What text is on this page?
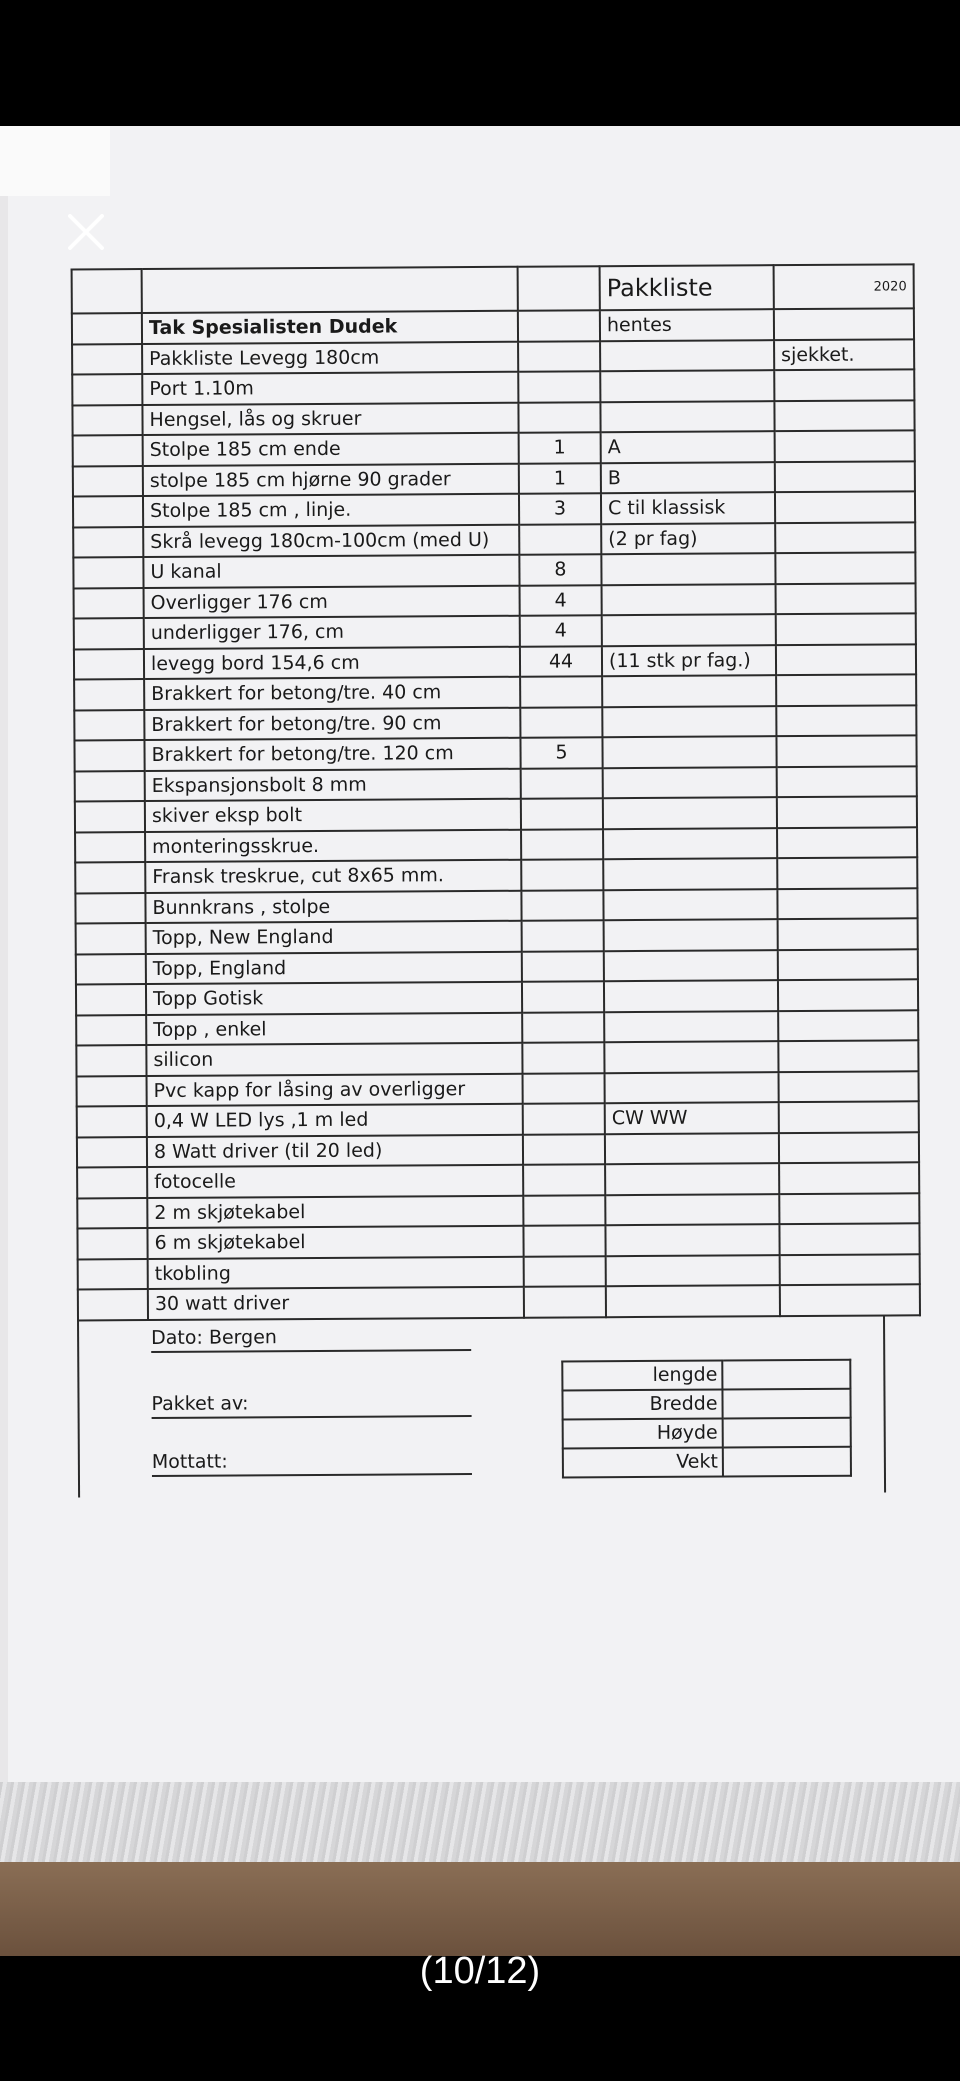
			Pakkliste	2020
	Tak Spesialisten Dudek		hentes	
	Pakkliste Levegg 180cm			sjekket.
	Port 1.10m			
	Hengsel, lås og skruer			
	Stolpe 185 cm ende	1	A	
	stolpe 185 cm hjørne 90 grader	1	B	
	Stolpe 185 cm , linje.	3	C til klassisk	
	Skrå levegg 180cm-100cm (med U)		(2 pr fag)	
	U kanal	8		
	Overligger 176 cm	4		
	underligger 176, cm	4		
	levegg bord 154,6 cm	44	(11 stk pr fag.)	
	Brakkert for betong/tre. 40 cm			
	Brakkert for betong/tre. 90 cm			
	Brakkert for betong/tre. 120 cm	5		
	Ekspansjonsbolt 8 mm			
	skiver eksp bolt			
	monteringsskrue.			
	Fransk treskrue, cut 8x65 mm.			
	Bunnkrans , stolpe			
	Topp, New England			
	Topp, England			
	Topp Gotisk			
	Topp , enkel			
	silicon			
	Pvc kapp for låsing av overligger			
	0,4 W LED lys ,1 m led		CW WW	
	8 Watt driver (til 20 led)			
	fotocelle			
	2 m skjøtekabel			
	6 m skjøtekabel			
	tkobling			
	30 watt driver			
Dato: Bergen
Pakket av:
Mottatt:
lengde	
Bredde	
Høyde	
Vekt	
(10/12)
